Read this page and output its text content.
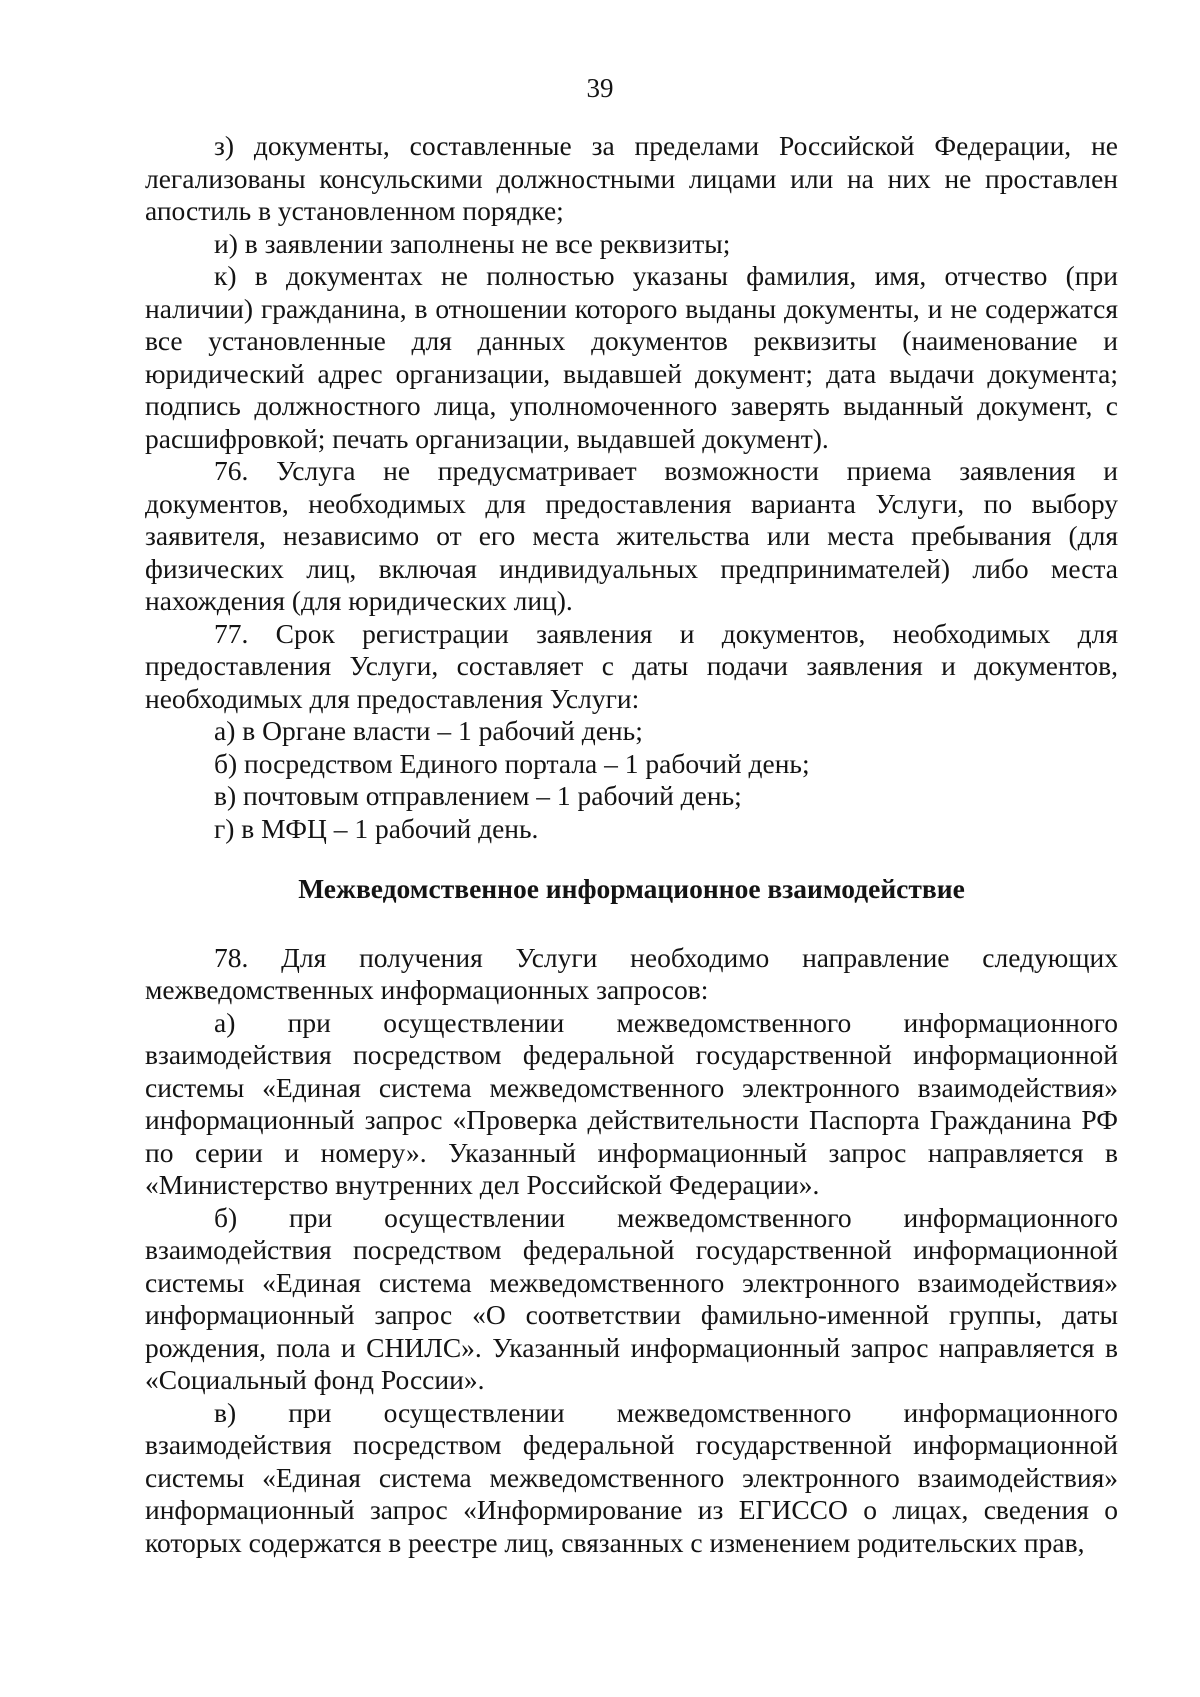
39

з) документы, составленные за пределами Российской Федерации, не легализованы консульскими должностными лицами или на них не проставлен апостиль в установленном порядке;

и) в заявлении заполнены не все реквизиты;

к) в документах не полностью указаны фамилия, имя, отчество (при наличии) гражданина, в отношении которого выданы документы, и не содержатся все установленные для данных документов реквизиты (наименование и юридический адрес организации, выдавшей документ; дата выдачи документа; подпись должностного лица, уполномоченного заверять выданный документ, с расшифровкой; печать организации, выдавшей документ).

76. Услуга не предусматривает возможности приема заявления и документов, необходимых для предоставления варианта Услуги, по выбору заявителя, независимо от его места жительства или места пребывания (для физических лиц, включая индивидуальных предпринимателей) либо места нахождения (для юридических лиц).

77. Срок регистрации заявления и документов, необходимых для предоставления Услуги, составляет с даты подачи заявления и документов, необходимых для предоставления Услуги:

а) в Органе власти – 1 рабочий день;

б) посредством Единого портала – 1 рабочий день;

в) почтовым отправлением – 1 рабочий день;

г) в МФЦ – 1 рабочий день.

Межведомственное информационное взаимодействие

78. Для получения Услуги необходимо направление следующих межведомственных информационных запросов:

а) при осуществлении межведомственного информационного взаимодействия посредством федеральной государственной информационной системы «Единая система межведомственного электронного взаимодействия» информационный запрос «Проверка действительности Паспорта Гражданина РФ по серии и номеру». Указанный информационный запрос направляется в «Министерство внутренних дел Российской Федерации».

б) при осуществлении межведомственного информационного взаимодействия посредством федеральной государственной информационной системы «Единая система межведомственного электронного взаимодействия» информационный запрос «О соответствии фамильно-именной группы, даты рождения, пола и СНИЛС». Указанный информационный запрос направляется в «Социальный фонд России».

в) при осуществлении межведомственного информационного взаимодействия посредством федеральной государственной информационной системы «Единая система межведомственного электронного взаимодействия» информационный запрос «Информирование из ЕГИССО о лицах, сведения о которых содержатся в реестре лиц, связанных с изменением родительских прав,
